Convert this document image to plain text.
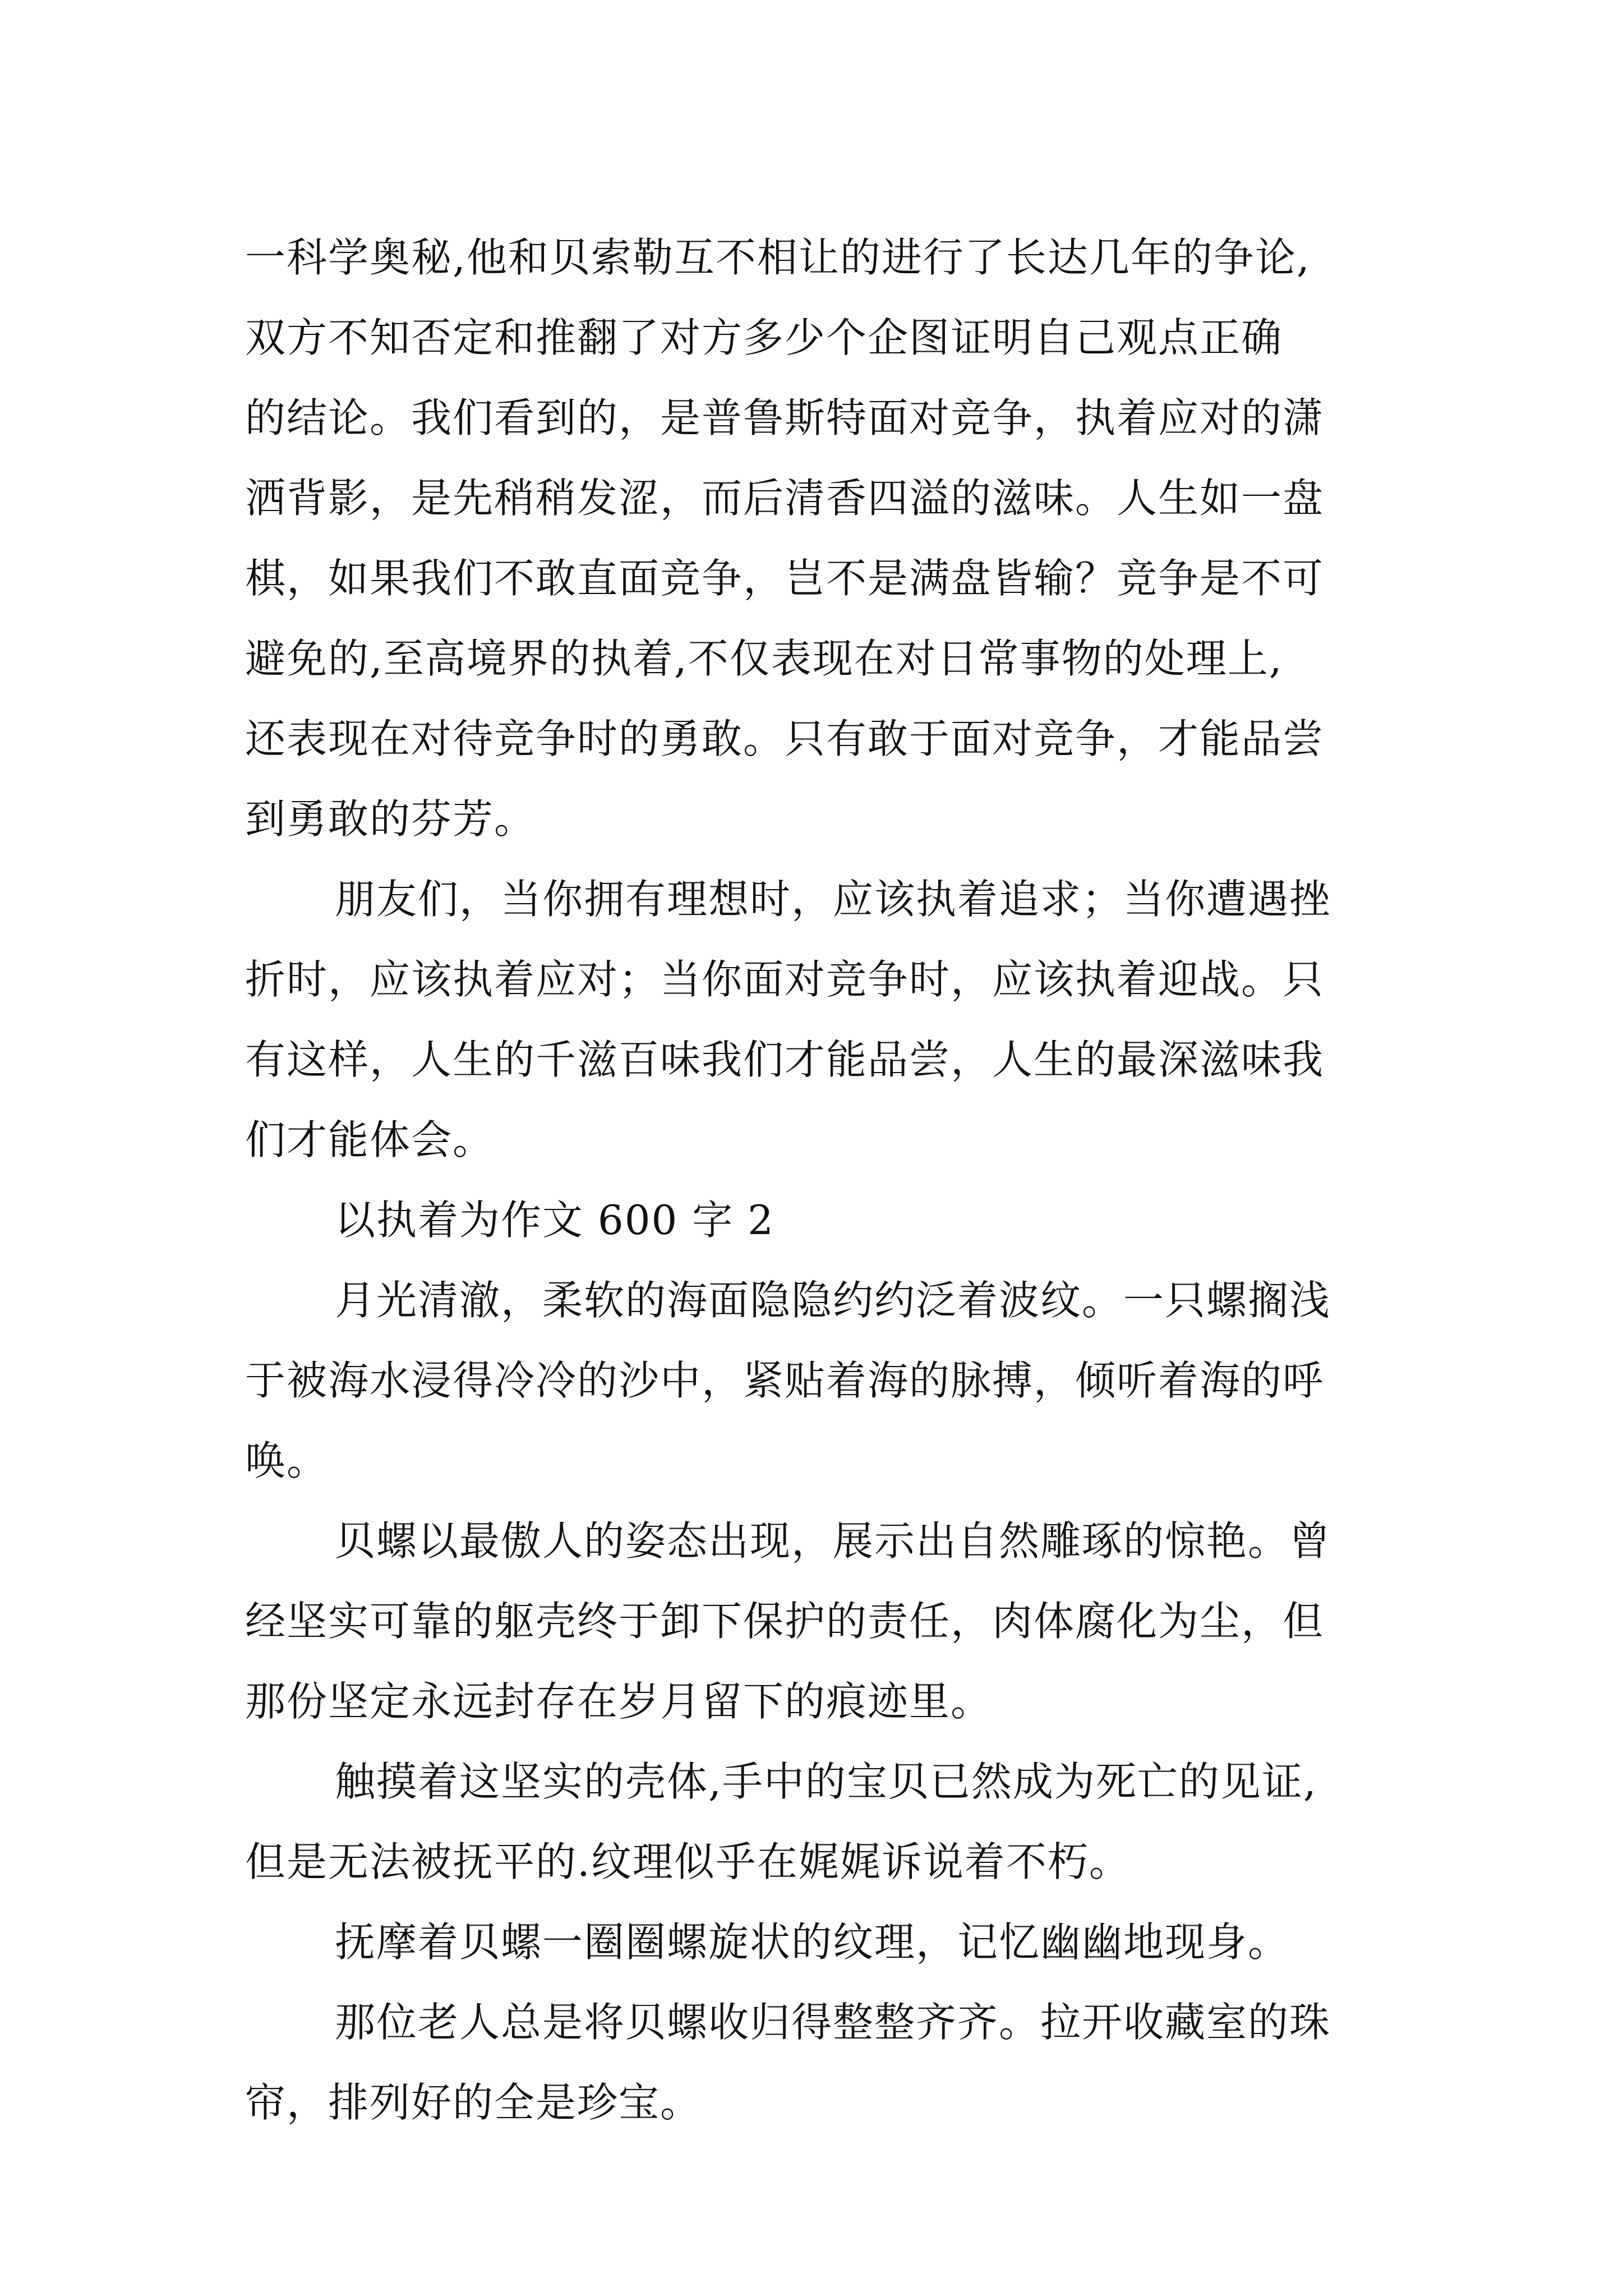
一科学奥秘,他和贝索勒互不相让的进行了长达几年的争论,
双方不知否定和推翻了对方多少个企图证明自己观点正确
的结论。我们看到的，是普鲁斯特面对竞争，执着应对的潇
洒背影，是先稍稍发涩，而后清香四溢的滋味。人生如一盘
棋，如果我们不敢直面竞争，岂不是满盘皆输？竞争是不可
避免的,至高境界的执着,不仅表现在对日常事物的处理上,
还表现在对待竞争时的勇敢。只有敢于面对竞争，才能品尝
到勇敢的芬芳。
朋友们，当你拥有理想时，应该执着追求；当你遭遇挫
折时，应该执着应对；当你面对竞争时，应该执着迎战。只
有这样，人生的千滋百味我们才能品尝，人生的最深滋味我
们才能体会。
以执着为作文 600 字 2
月光清澈，柔软的海面隐隐约约泛着波纹。一只螺搁浅
于被海水浸得冷冷的沙中，紧贴着海的脉搏，倾听着海的呼
唤。
贝螺以最傲人的姿态出现，展示出自然雕琢的惊艳。曾
经坚实可靠的躯壳终于卸下保护的责任，肉体腐化为尘，但
那份坚定永远封存在岁月留下的痕迹里。
触摸着这坚实的壳体,手中的宝贝已然成为死亡的见证,
但是无法被抚平的.纹理似乎在娓娓诉说着不朽。
抚摩着贝螺一圈圈螺旋状的纹理，记忆幽幽地现身。
那位老人总是将贝螺收归得整整齐齐。拉开收藏室的珠
帘，排列好的全是珍宝。
